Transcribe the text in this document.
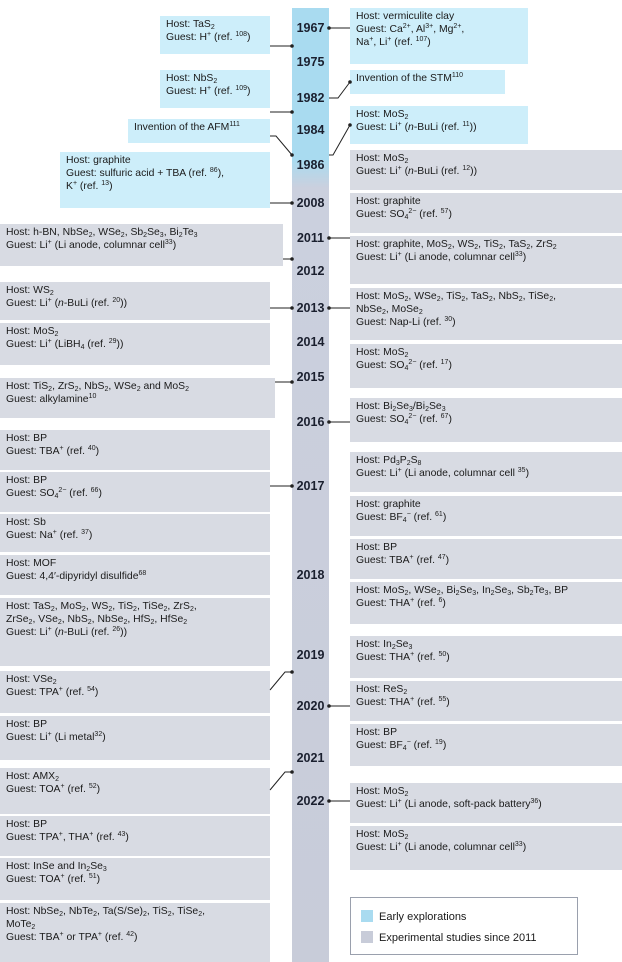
1967
1975
1982
1984
1986
2008
2011
2012
2013
2014
2015
2016
2017
2018
2019
2020
2021
2022
Host: TaS$_2$
Guest: H+ (ref. $^{108}$)
Host: NbS$_2$
Guest: H+ (ref. $^{109}$)
Invention of the AFM$^{111}$
Host: graphite
Guest: sulfuric acid + TBA (ref. $^{86}$),
K+ (ref. $^{13}$)
Host: vermiculite clay
Guest: $Ca^{2+}$, $Al^{3+}$, $Mg^{2+}$,
Na+, Li+ (ref. $^{107}$)
Invention of the STM$^{110}$
Host: MoS$_2$
Guest: Li+ (n-BuLi (ref. $^{11}$))
Host: MoS$_2$
Guest: Li+ (n-BuLi (ref. $^{12}$))
Host: graphite
Guest: $SO_4^{2-}$ (ref. $^{57}$)
Host: graphite, MoS$_2$, $WS_2$, TiS$_2$, TaS$_2$, ZrS$_2$
Guest: Li+ (Li anode, columnar cell$^{33}$)
Host: h-BN, NbSe$_2$, WSe$_2$, $Sb_2Se_3$, $Bi_2Te_3$
Guest: Li+ (Li anode, columnar cell$^{33}$)
Host: $WS_2$
Guest: Li+ (n-BuLi (ref. $^{20}$))
Host: MoS$_2$
Guest: Li+ (LiBH$_4$ (ref. $^{29}$))
Host: MoS$_2$, WSe$_2$, TiS$_2$, TaS$_2$, NbS$_2$, TiSe$_2$,
NbSe$_2$, MoSe$_2$
Guest: Nap-Li (ref. $^{30}$)
Host: MoS$_2$
Guest: $SO_4^{2-}$ (ref. $^{17}$)
Host: TiS$_2$, ZrS$_2$, NbS$_2$, WSe$_2$ and MoS$_2$
Guest: alkylamine$^{10}$
Host: $Bi_2Se_3/Bi_2Se_3$
Guest: $SO_4^{2-}$ (ref. $^{67}$)
Host: BP
Guest: TBA+ (ref. $^{40}$)
Host: BP
Guest: $SO_4^{2-}$ (ref. $^{66}$)
Host: Sb
Guest: Na+ (ref. $^{37}$)
Host: MOF
Guest: 4,4′-dipyridyl disulfide$^{68}$
Host: TaS$_2$, MoS$_2$, $WS_2$, TiS$_2$, TiSe$_2$, ZrS$_2$,
ZrSe$_2$, VSe$_2$, NbS$_2$, NbSe$_2$, HfS$_2$, HfSe$_2$
Guest: Li+ (n-BuLi (ref. $^{26}$))
Host: $Pd_3P_2S_8$
Guest: Li+ (Li anode, columnar cell $^{35}$)
Host: graphite
Guest: $BF_4^-$ (ref. $^{61}$)
Host: BP
Guest: TBA+ (ref. $^{47}$)
Host: MoS$_2$, WSe$_2$, $Bi_2Se_3$, $In_2Se_3$, $Sb_2Te_3$, BP
Guest: THA+ (ref. $^6$)
Host: $In_2Se_3$
Guest: THA+ (ref. $^{50}$)
Host: ReS$_2$
Guest: THA+ (ref. $^{55}$)
Host: BP
Guest: $BF_4^-$ (ref. $^{19}$)
Host: VSe$_2$
Guest: TPA+ (ref. $^{54}$)
Host: BP
Guest: Li+ (Li metal$^{32}$)
Host: $AMX_2$
Guest: TOA+ (ref. $^{52}$)
Host: BP
Guest: TPA+, THA+ (ref. $^{43}$)
Host: InSe and $In_2Se_3$
Guest: TOA+ (ref. $^{51}$)
Host: NbSe$_2$, NbTe$_2$, $Ta(S/Se)_2$, TiS$_2$, TiSe$_2$,
MoTe$_2$
Guest: TBA+ or TPA+ (ref. $^{42}$)
Host: MoS$_2$
Guest: Li+ (Li anode, soft-pack battery$^{36}$)
Host: MoS$_2$
Guest: Li+ (Li anode, columnar cell$^{33}$)
Early explorations
Experimental studies since 2011
